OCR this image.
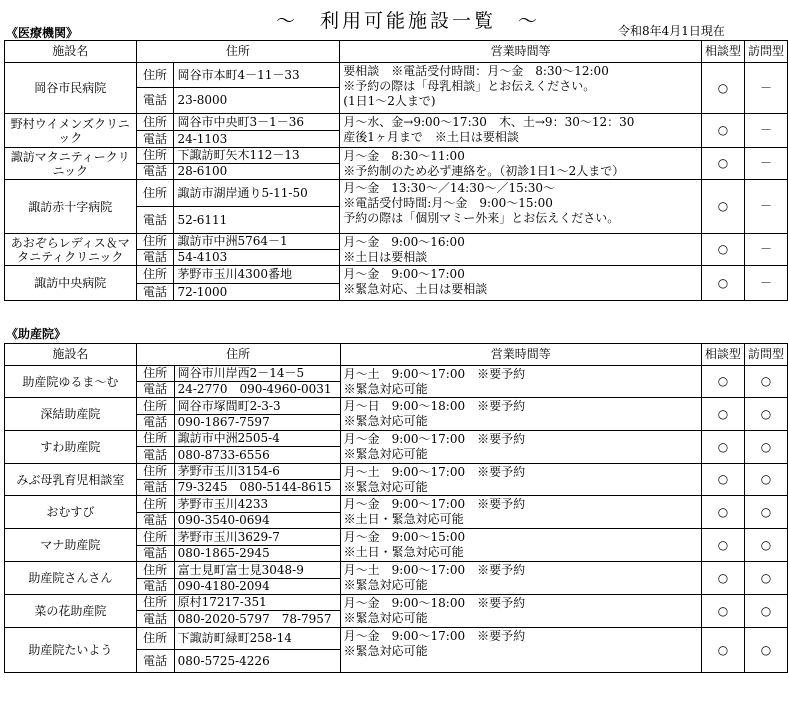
《医療機関》
～　利用可能施設一覧　～	令和8年4月1日現在
施設名	住所		営業時間等	相談型	訪問型
岡谷市民病院	住所	岡谷市本町4－11－33	要相談　※電話受付時間：月～金　8:30～12:00
※予約の際は「母乳相談」とお伝えください。
(1日1～2人まで)	○	－
	電話	23-8000			
野村ウイメンズクリニック	住所	岡谷市中央町3－1－36	月～水、金→9:00～17:30　木、土→9：30～12：30
産後1ヶ月まで　※土日は要相談	○	－
	電話	24-1103			
諏訪マタニティークリニック	住所	下諏訪町矢木112－13	月～金　8:30～11:00
※予約制のため必ず連絡を。（初診1日1～2人まで）	○	－
	電話	28-6100			
諏訪赤十字病院	住所	諏訪市湖岸通り5-11-50	月～金　13:30～／14:30～／15:30～
※電話受付時間:月～金　9:00～15:00
予約の際は「個別マミー外来」とお伝えください。	○	－
	電話	52-6111			
あおぞらレディス＆マタニティクリニック	住所	諏訪市中洲5764－1	月～金　9:00～16:00
※土日は要相談	○	－
	電話	54-4103			
諏訪中央病院	住所	茅野市玉川4300番地	月～金　9:00～17:00
※緊急対応、土日は要相談	○	－
	電話	72-1000			
《助産院》
施設名	住所		営業時間等	相談型	訪問型
助産院ゆるま～む	住所	岡谷市川岸西2－14－5	月～土　9:00～17:00　※要予約
※緊急対応可能	○	○
	電話	24-2770　090-4960-0031			
深結助産院	住所	岡谷市塚間町2-3-3	月～日　9:00～18:00　※要予約
※緊急対応可能	○	○
	電話	090-1867-7597			
すわ助産院	住所	諏訪市中洲2505-4	月～金　9:00～17:00　※要予約
※緊急対応可能	○	○
	電話	080-8733-6556			
みぶ母乳育児相談室	住所	茅野市玉川3154-6	月～土　9:00～17:00　※要予約
※緊急対応可能	○	○
	電話	79-3245　080-5144-8615			
おむすび	住所	茅野市玉川4233	月～金　9:00～17:00　※要予約
※土日・緊急対応可能	○	○
	電話	090-3540-0694			
マナ助産院	住所	茅野市玉川3629-7	月～金　9:00～15:00
※土日・緊急対応可能	○	○
	電話	080-1865-2945			
助産院さんさん	住所	富士見町富士見3048-9	月～土　9:00～17:00　※要予約
※緊急対応可能	○	○
	電話	090-4180-2094			
菜の花助産院	住所	原村17217-351	月～金　9:00～18:00　※要予約
※緊急対応可能	○	○
	電話	080-2020-5797　78-7957			
助産院たいよう	住所	下諏訪町緑町258-14	月～金　9:00～17:00　※要予約
※緊急対応可能	○	○
	電話	080-5725-4226			
